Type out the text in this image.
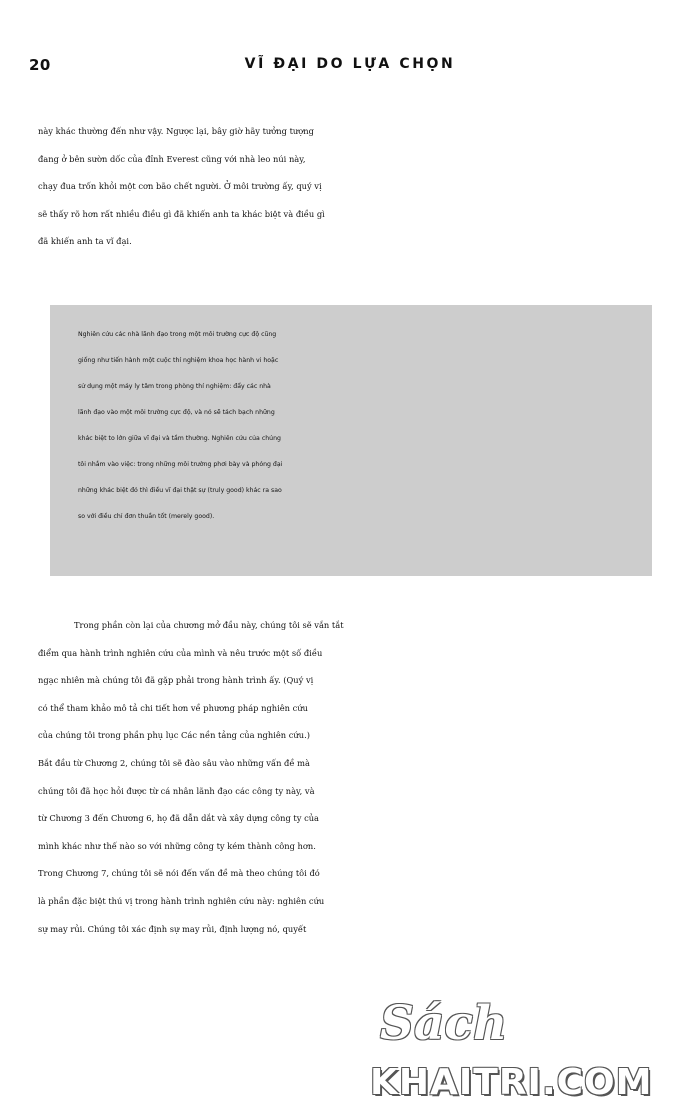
20	VĨ ĐẠI DO LỰA CHỌN

này khác thường đến như vậy. Ngược lại, bây giờ hãy tưởng tượng
đang ở bên sườn dốc của đỉnh Everest cũng với nhà leo núi này,
chạy đua trốn khỏi một cơn bão chết người. Ở môi trường ấy, quý vị
sẽ thấy rõ hơn rất nhiều điều gì đã khiến anh ta khác biệt và điều gì
đã khiến anh ta vĩ đại.

Nghiên cứu các nhà lãnh đạo trong một môi trường cực độ cũng
giống như tiến hành một cuộc thí nghiệm khoa học hành vi hoặc
sử dụng một máy ly tâm trong phòng thí nghiệm: đẩy các nhà
lãnh đạo vào một môi trường cực độ, và nó sẽ tách bạch những
khác biệt to lớn giữa vĩ đại và tầm thường. Nghiên cứu của chúng
tôi nhắm vào việc: trong những môi trường phơi bày và phóng đại
những khác biệt đó thì điều vĩ đại thật sự (truly good) khác ra sao
so với điều chỉ đơn thuần tốt (merely good).

Trong phần còn lại của chương mở đầu này, chúng tôi sẽ vắn tắt
điểm qua hành trình nghiên cứu của mình và nêu trước một số điều
ngạc nhiên mà chúng tôi đã gặp phải trong hành trình ấy. (Quý vị
có thể tham khảo mô tả chi tiết hơn về phương pháp nghiên cứu
của chúng tôi trong phần phụ lục Các nền tảng của nghiên cứu.)
Bắt đầu từ Chương 2, chúng tôi sẽ đào sâu vào những vấn đề mà
chúng tôi đã học hỏi được từ cá nhân lãnh đạo các công ty này, và
từ Chương 3 đến Chương 6, họ đã dẫn dắt và xây dựng công ty của
mình khác như thế nào so với những công ty kém thành công hơn.
Trong Chương 7, chúng tôi sẽ nói đến vấn đề mà theo chúng tôi đó
là phần đặc biệt thú vị trong hành trình nghiên cứu này: nghiên cứu
sự may rủi. Chúng tôi xác định sự may rủi, định lượng nó, quyết

Sách
KHAITRI.COM
